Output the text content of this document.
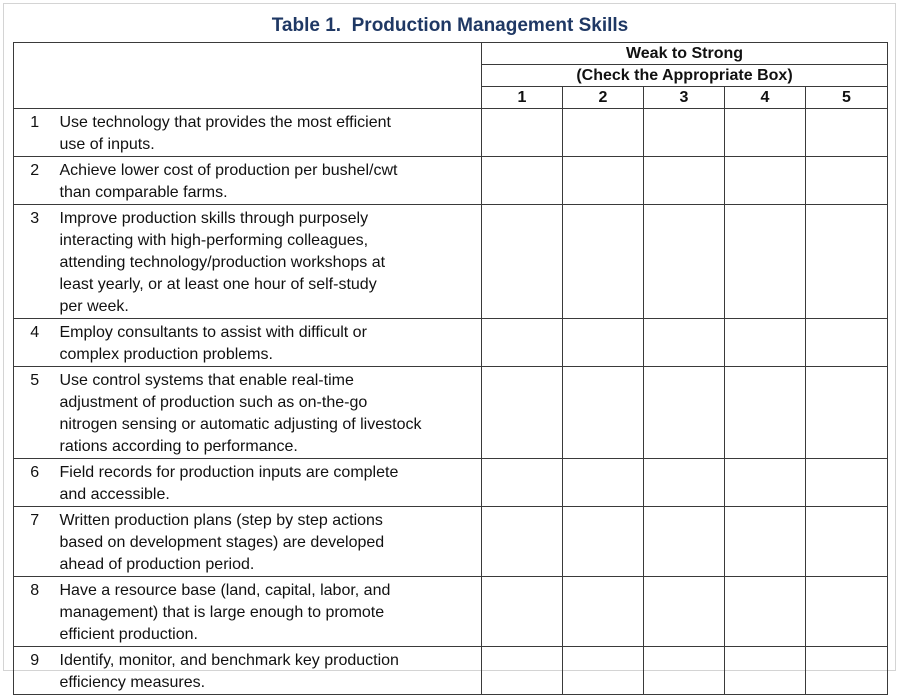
Table 1.  Production Management Skills
		Weak to Strong				
		(Check the Appropriate Box)				
		1	2	3	4	5
1	Use technology that provides the most efficient
use of inputs.					

2	Achieve lower cost of production per bushel/cwt
than comparable farms.					

3	Improve production skills through purposely
interacting with high-performing colleagues,
attending technology/production workshops at
least yearly, or at least one hour of self-study
per week.					

4	Employ consultants to assist with difficult or
complex production problems.					

5	Use control systems that enable real-time
adjustment of production such as on-the-go
nitrogen sensing or automatic adjusting of livestock
rations according to performance.					

6	Field records for production inputs are complete
and accessible.					

7	Written production plans (step by step actions
based on development stages) are developed
ahead of production period.					

8	Have a resource base (land, capital, labor, and
management) that is large enough to promote
efficient production.					

9	Identify, monitor, and benchmark key production
efficiency measures.					
